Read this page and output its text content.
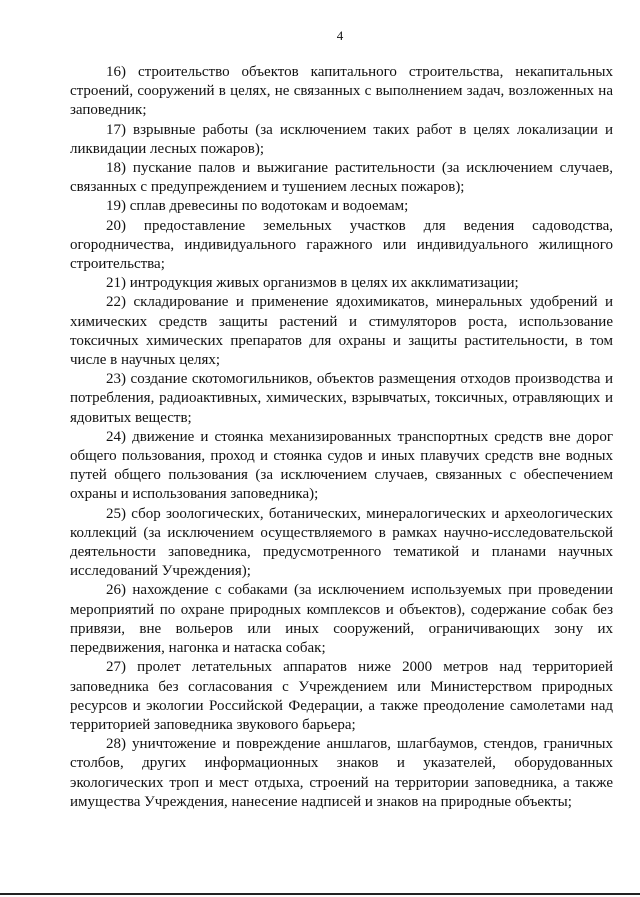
4

16) строительство объектов капитального строительства, некапитальных строений, сооружений в целях, не связанных с выполнением задач, возложенных на заповедник;

17) взрывные работы (за исключением таких работ в целях локализации и ликвидации лесных пожаров);

18) пускание палов и выжигание растительности (за исключением случаев, связанных с предупреждением и тушением лесных пожаров);

19) сплав древесины по водотокам и водоемам;

20) предоставление земельных участков для ведения садоводства, огородничества, индивидуального гаражного или индивидуального жилищного строительства;

21) интродукция живых организмов в целях их акклиматизации;

22) складирование и применение ядохимикатов, минеральных удобрений и химических средств защиты растений и стимуляторов роста, использование токсичных химических препаратов для охраны и защиты растительности, в том числе в научных целях;

23) создание скотомогильников, объектов размещения отходов производства и потребления, радиоактивных, химических, взрывчатых, токсичных, отравляющих и ядовитых веществ;

24) движение и стоянка механизированных транспортных средств вне дорог общего пользования, проход и стоянка судов и иных плавучих средств вне водных путей общего пользования (за исключением случаев, связанных с обеспечением охраны и использования заповедника);

25) сбор зоологических, ботанических, минералогических и археологических коллекций (за исключением осуществляемого в рамках научно-исследовательской деятельности заповедника, предусмотренного тематикой и планами научных исследований Учреждения);

26) нахождение с собаками (за исключением используемых при проведении мероприятий по охране природных комплексов и объектов), содержание собак без привязи, вне вольеров или иных сооружений, ограничивающих зону их передвижения, нагонка и натаска собак;

27) пролет летательных аппаратов ниже 2000 метров над территорией заповедника без согласования с Учреждением или Министерством природных ресурсов и экологии Российской Федерации, а также преодоление самолетами над территорией заповедника звукового барьера;

28) уничтожение и повреждение аншлагов, шлагбаумов, стендов, граничных столбов, других информационных знаков и указателей, оборудованных экологических троп и мест отдыха, строений на территории заповедника, а также имущества Учреждения, нанесение надписей и знаков на природные объекты;
